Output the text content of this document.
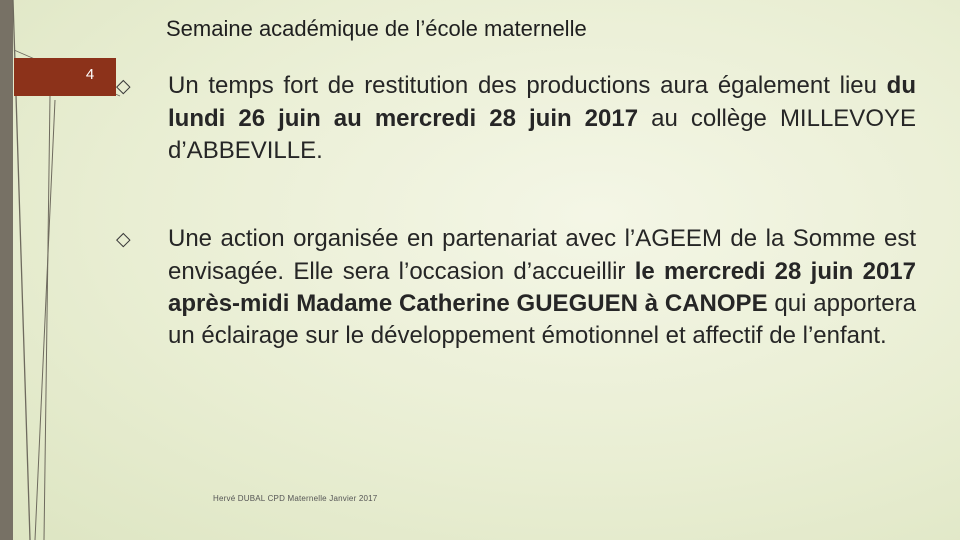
4
Semaine académique de l’école maternelle
◇ Un temps fort de restitution des productions aura également lieu du lundi 26 juin au mercredi 28 juin 2017 au collège MILLEVOYE d’ABBEVILLE.
◇ Une action organisée en partenariat avec l’AGEEM de la Somme est envisagée. Elle sera l’occasion d’accueillir le mercredi 28 juin 2017 après-midi Madame Catherine GUEGUEN à CANOPE qui apportera un éclairage sur le développement émotionnel et affectif de l’enfant.
Hervé DUBAL CPD Maternelle Janvier 2017
